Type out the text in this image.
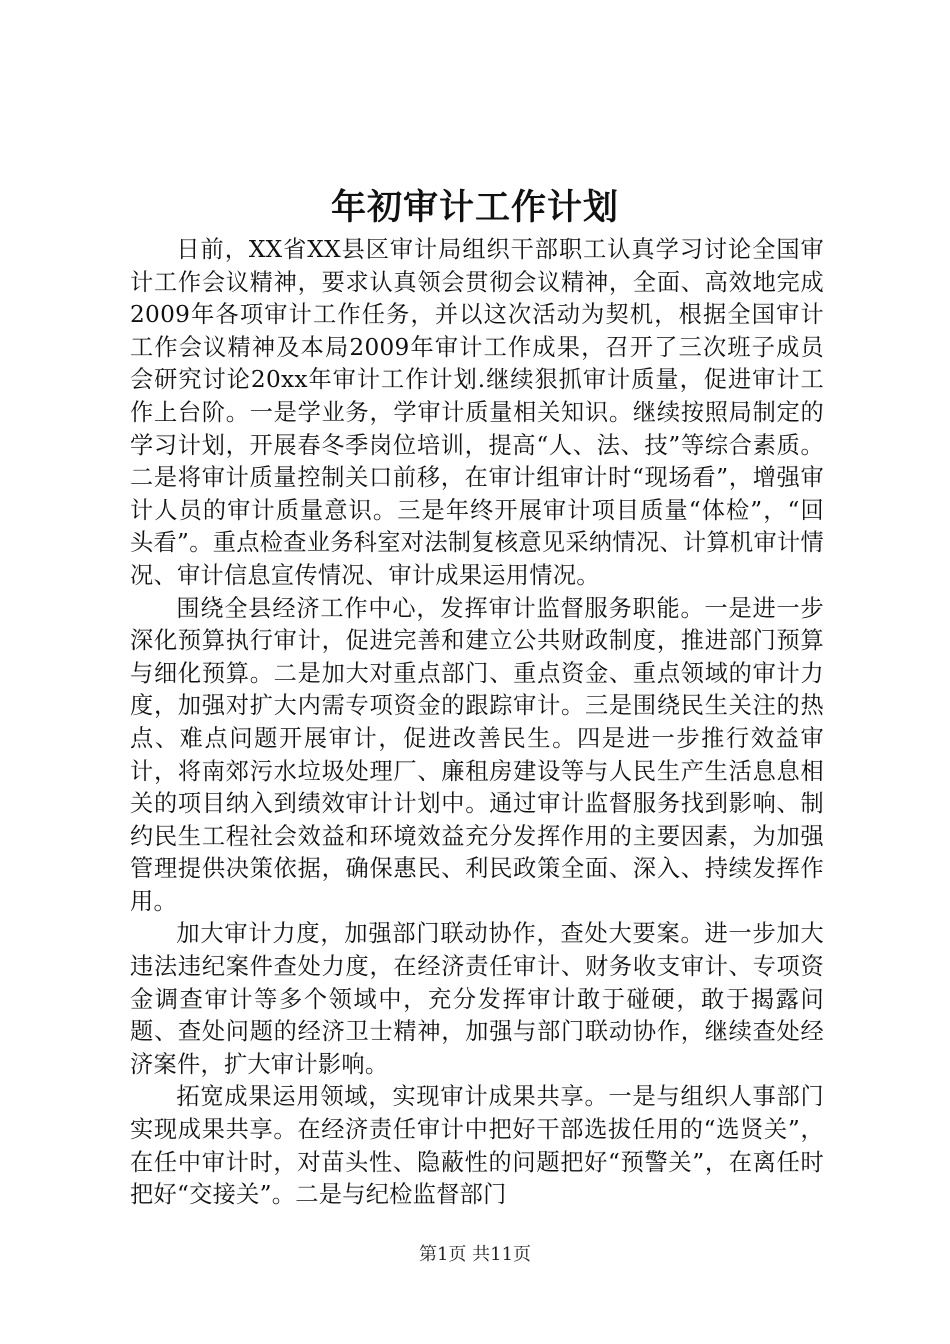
年初审计工作计划

日前，XX省XX县区审计局组织干部职工认真学习讨论全国审计工作会议精神，要求认真领会贯彻会议精神，全面、高效地完成2009年各项审计工作任务，并以这次活动为契机，根据全国审计工作会议精神及本局2009年审计工作成果，召开了三次班子成员会研究讨论20xx年审计工作计划.继续狠抓审计质量，促进审计工作上台阶。一是学业务，学审计质量相关知识。继续按照局制定的学习计划，开展春冬季岗位培训，提高“人、法、技”等综合素质。二是将审计质量控制关口前移，在审计组审计时“现场看”，增强审计人员的审计质量意识。三是年终开展审计项目质量“体检”，“回头看”。重点检查业务科室对法制复核意见采纳情况、计算机审计情况、审计信息宣传情况、审计成果运用情况。

围绕全县经济工作中心，发挥审计监督服务职能。一是进一步深化预算执行审计，促进完善和建立公共财政制度，推进部门预算与细化预算。二是加大对重点部门、重点资金、重点领域的审计力度，加强对扩大内需专项资金的跟踪审计。三是围绕民生关注的热点、难点问题开展审计，促进改善民生。四是进一步推行效益审计，将南郊污水垃圾处理厂、廉租房建设等与人民生产生活息息相关的项目纳入到绩效审计计划中。通过审计监督服务找到影响、制约民生工程社会效益和环境效益充分发挥作用的主要因素，为加强管理提供决策依据，确保惠民、利民政策全面、深入、持续发挥作用。

加大审计力度，加强部门联动协作，查处大要案。进一步加大违法违纪案件查处力度，在经济责任审计、财务收支审计、专项资金调查审计等多个领域中，充分发挥审计敢于碰硬，敢于揭露问题、查处问题的经济卫士精神，加强与部门联动协作，继续查处经济案件，扩大审计影响。

拓宽成果运用领域，实现审计成果共享。一是与组织人事部门实现成果共享。在经济责任审计中把好干部选拔任用的“选贤关”，在任中审计时，对苗头性、隐蔽性的问题把好“预警关”，在离任时把好“交接关”。二是与纪检监督部门

第1页 共11页
